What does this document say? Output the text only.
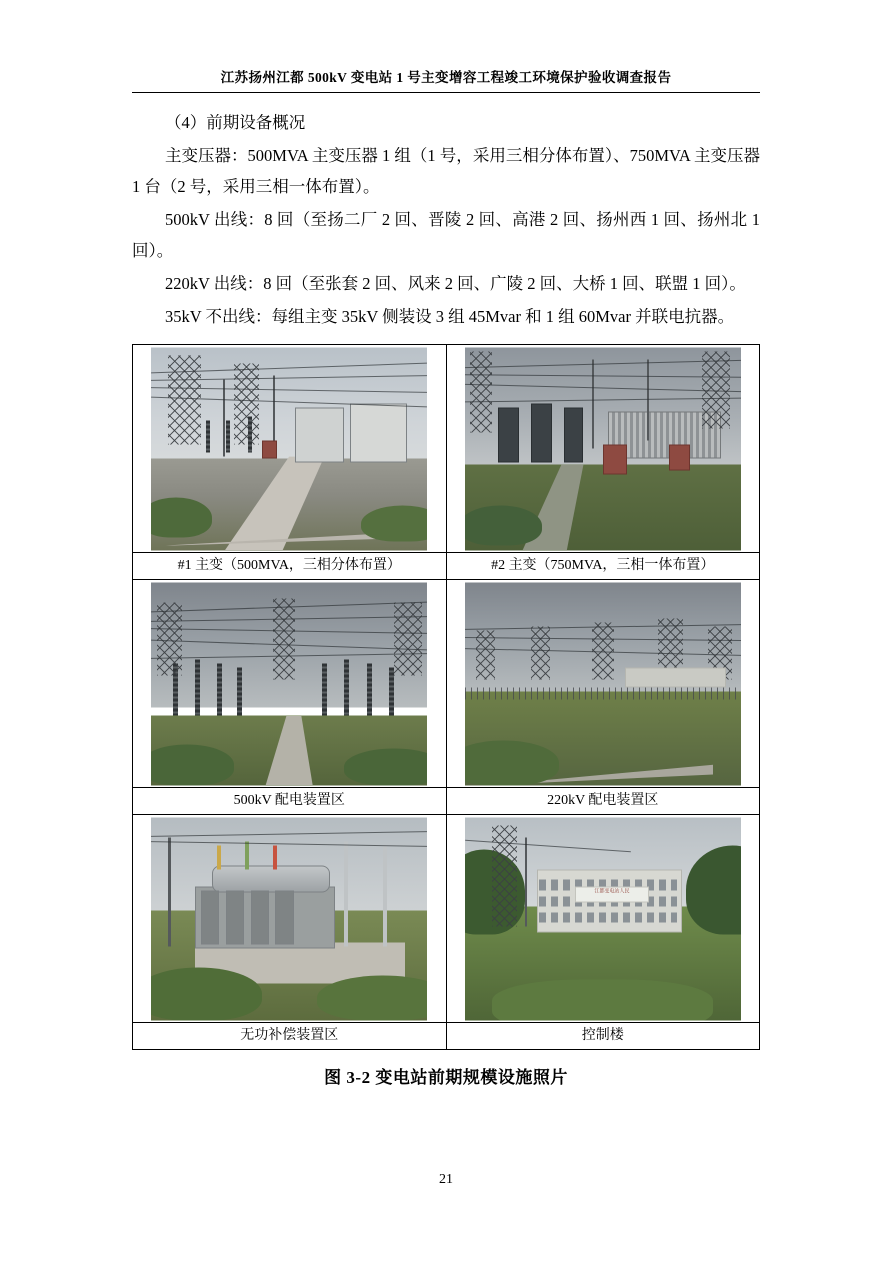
江苏扬州江都 500kV 变电站 1 号主变增容工程竣工环境保护验收调查报告

（4）前期设备概况

主变压器：500MVA 主变压器 1 组（1 号，采用三相分体布置）、750MVA 主变压器 1 台（2 号，采用三相一体布置）。

500kV 出线：8 回（至扬二厂 2 回、晋陵 2 回、高港 2 回、扬州西 1 回、扬州北 1 回）。

220kV 出线：8 回（至张套 2 回、风来 2 回、广陵 2 回、大桥 1 回、联盟 1 回）。

35kV 不出线：每组主变 35kV 侧装设 3 组 45Mvar 和 1 组 60Mvar 并联电抗器。

#1 主变（500MVA，三相分体布置）	#2 主变（750MVA，三相一体布置）

500kV 配电装置区	220kV 配电装置区

	江都变电站人民

无功补偿装置区	控制楼
图 3-2 变电站前期规模设施照片
21
